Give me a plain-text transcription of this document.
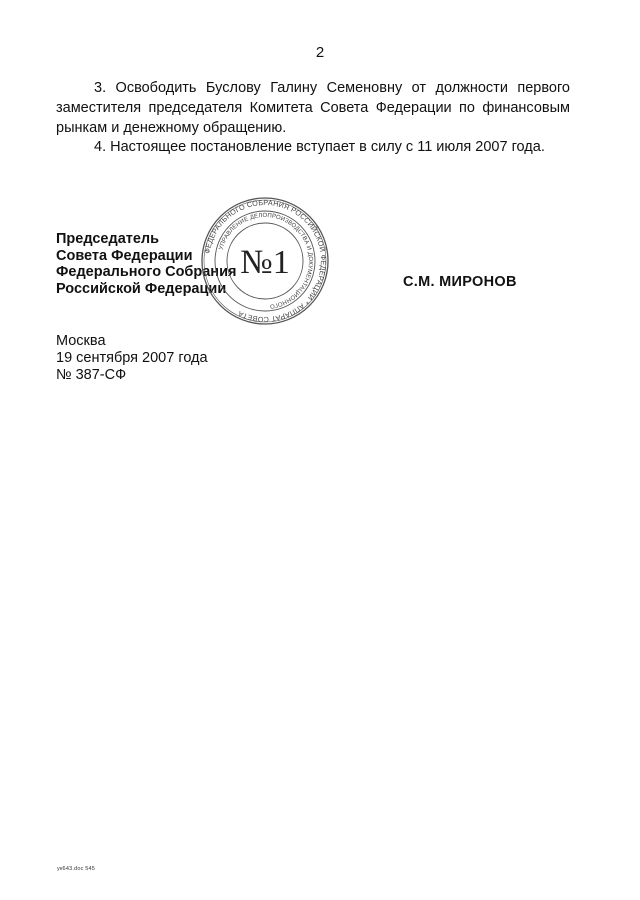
2
3. Освободить Буслову Галину Семеновну от должности первого заместителя председателя Комитета Совета Федерации по финансовым рынкам и денежному обращению.
4. Настоящее постановление вступает в силу с 11 июля 2007 года.
Председатель
Совета Федерации
Федерального Собрания
Российской Федерации	С.М. МИРОНОВ
ФЕДЕРАЛЬНОГО СОБРАНИЯ РОССИЙСКОЙ ФЕДЕРАЦИИ * АППАРАТ СОВЕТА
УПРАВЛЕНИЕ ДЕЛОПРОИЗВОДСТВА И ДОКУМЕНТАЦИОННОГО
№1
Москва
19 сентября 2007 года
№ 387-СФ
ук643.doc 545
